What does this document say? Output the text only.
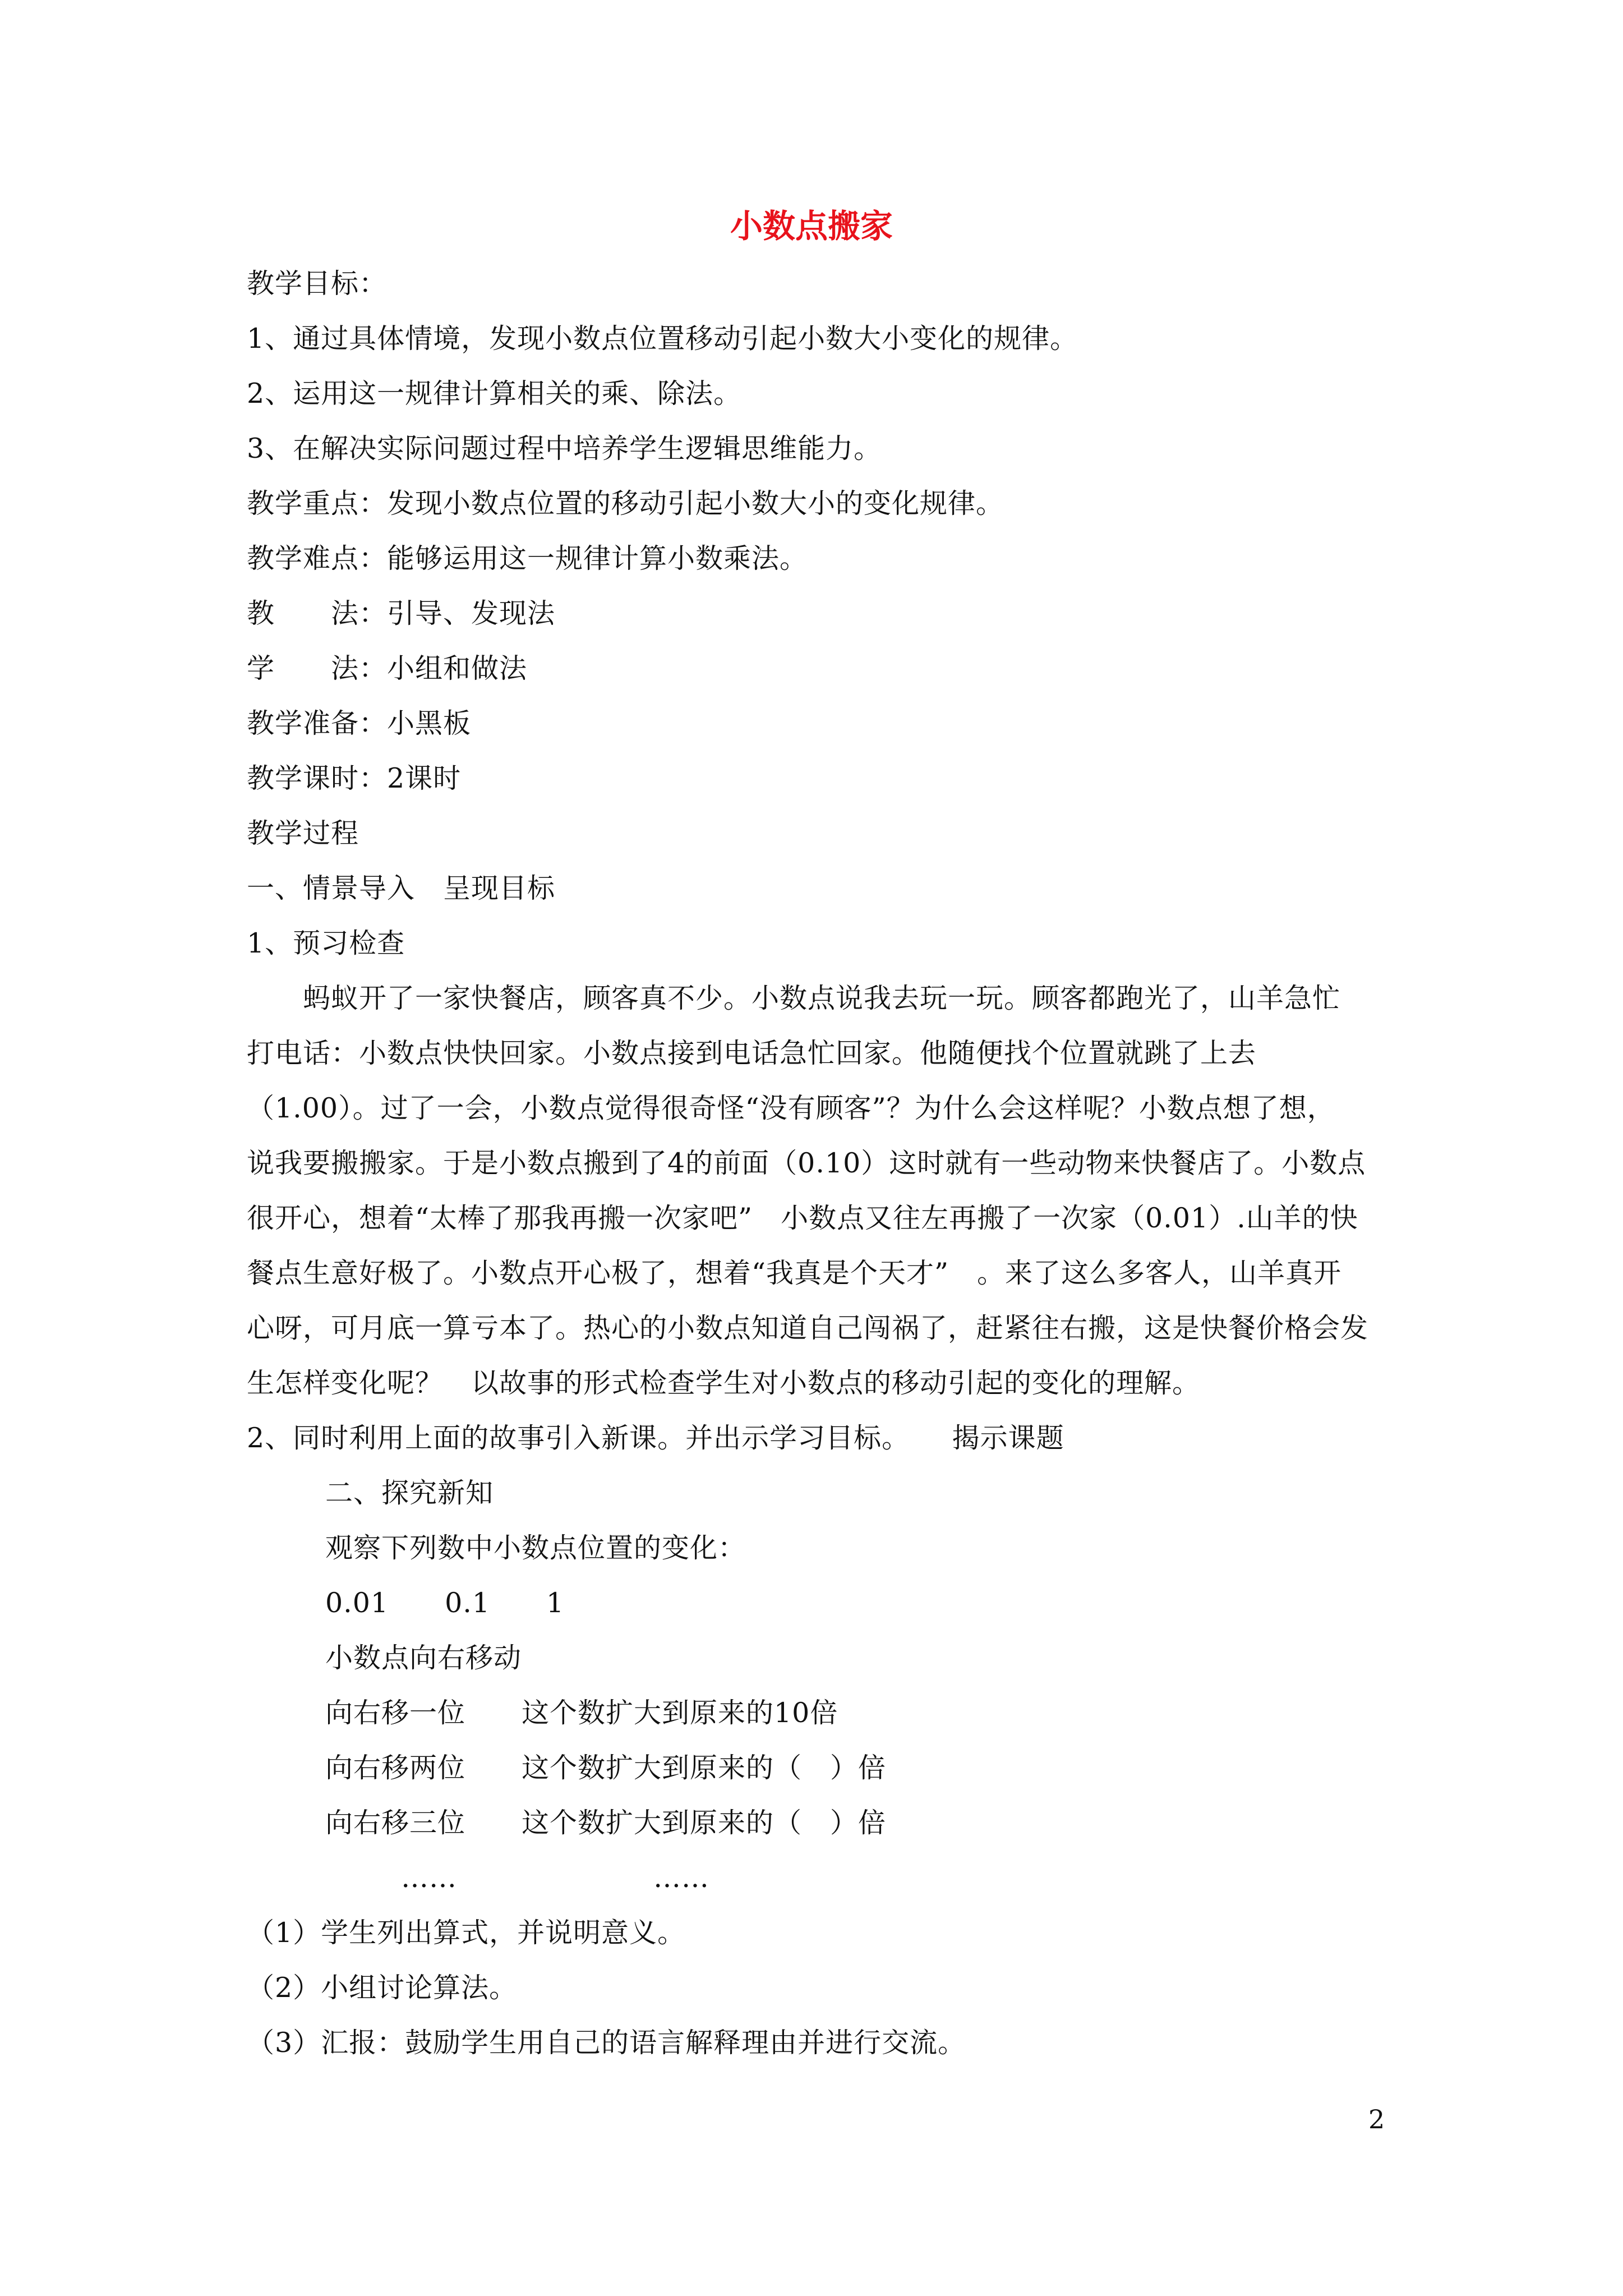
小数点搬家
教学目标：
1、通过具体情境，发现小数点位置移动引起小数大小变化的规律。
2、运用这一规律计算相关的乘、除法。
3、在解决实际问题过程中培养学生逻辑思维能力。
教学重点：发现小数点位置的移动引起小数大小的变化规律。
教学难点：能够运用这一规律计算小数乘法。
教　　法：引导、发现法
学　　法：小组和做法
教学准备：小黑板
教学课时：2课时
教学过程
一、情景导入　呈现目标
1、预习检查
　　蚂蚁开了一家快餐店，顾客真不少。小数点说我去玩一玩。顾客都跑光了，山羊急忙
打电话：小数点快快回家。小数点接到电话急忙回家。他随便找个位置就跳了上去
（1.00）。过了一会，小数点觉得很奇怪“没有顾客”？为什么会这样呢？小数点想了想，
说我要搬搬家。于是小数点搬到了4的前面（0.10）这时就有一些动物来快餐店了。小数点
很开心，想着“太棒了那我再搬一次家吧”　小数点又往左再搬了一次家（0.01）.山羊的快
餐点生意好极了。小数点开心极了，想着“我真是个天才”　。来了这么多客人，山羊真开
心呀，可月底一算亏本了。热心的小数点知道自己闯祸了，赶紧往右搬，这是快餐价格会发
生怎样变化呢？　以故事的形式检查学生对小数点的移动引起的变化的理解。
2、同时利用上面的故事引入新课。并出示学习目标。　　揭示课题
二、探究新知
观察下列数中小数点位置的变化：
0.01　　0.1　　1
小数点向右移动
向右移一位　　这个数扩大到原来的10倍
向右移两位　　这个数扩大到原来的（　）倍
向右移三位　　这个数扩大到原来的（　）倍
……　　　　　　　……
（1）学生列出算式，并说明意义。
（2）小组讨论算法。
（3）汇报：鼓励学生用自己的语言解释理由并进行交流。
2
